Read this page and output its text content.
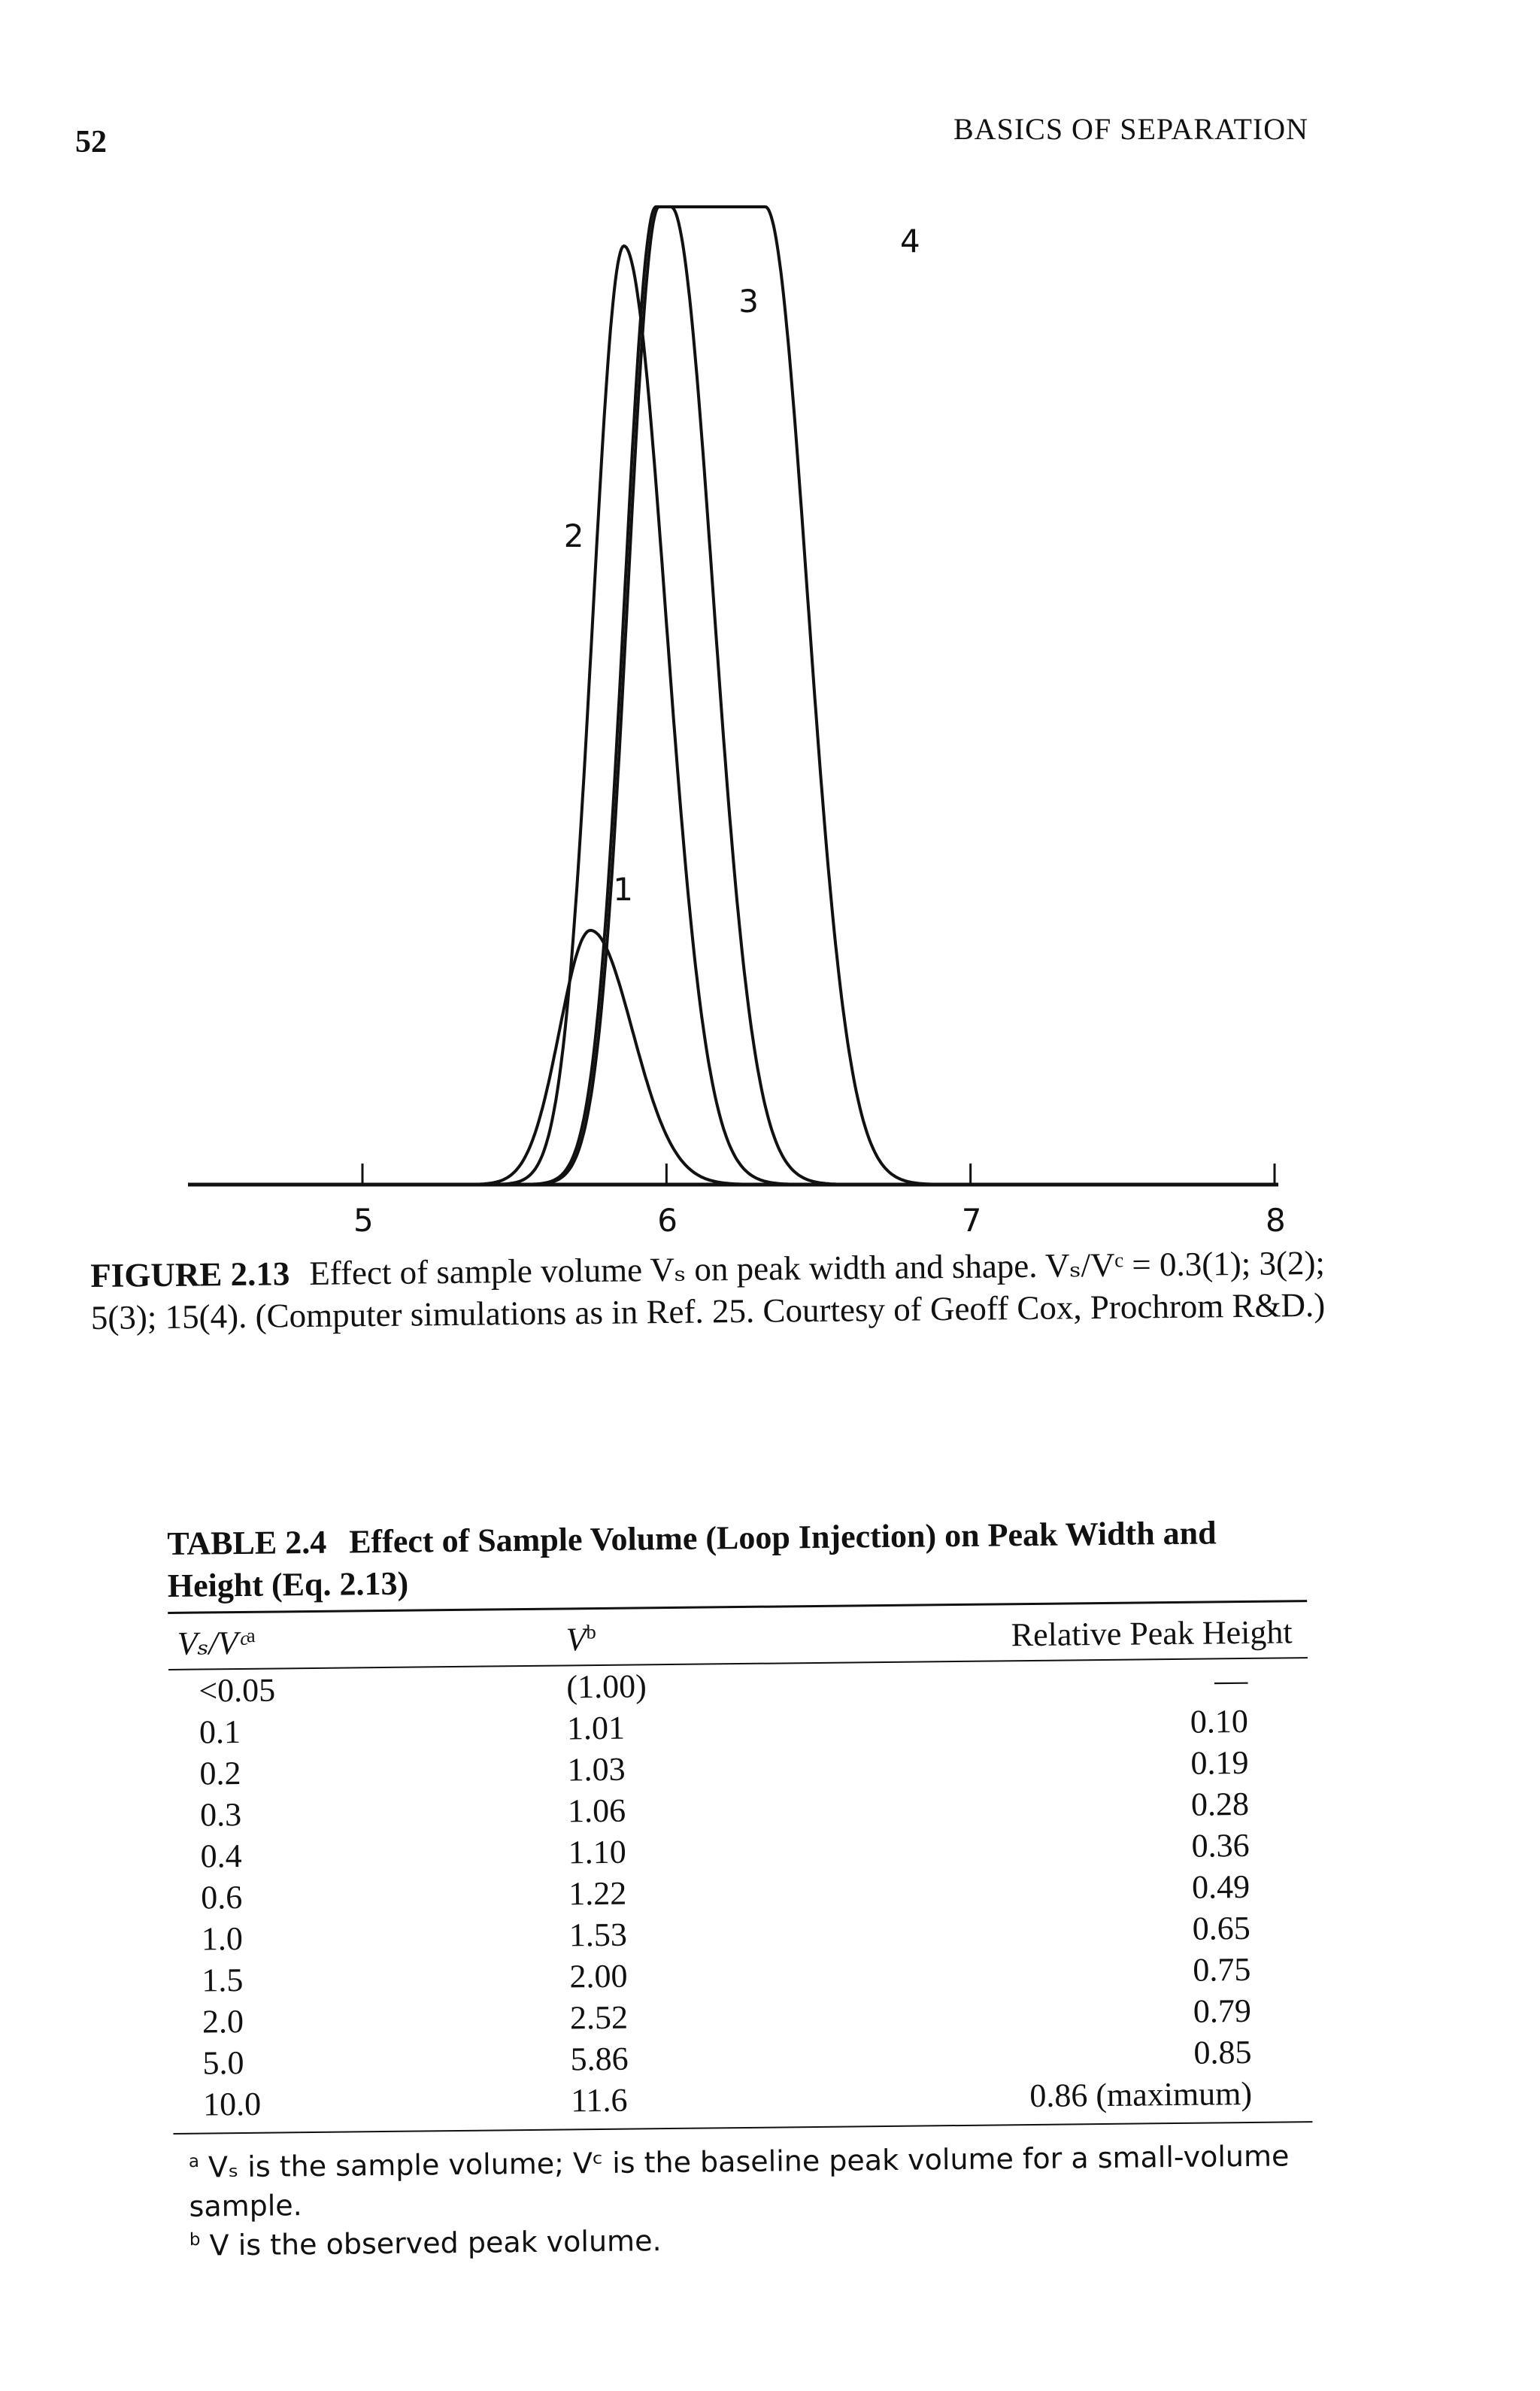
52	BASICS OF SEPARATION
5	6	7	8
1
2
3
4
FIGURE 2.13 Effect of sample volume Vₛ on peak width and shape. Vₛ/Vᶜ = 0.3(1); 3(2); 5(3); 15(4). (Computer simulations as in Ref. 25. Courtesy of Geoff Cox, Prochrom R&D.)
TABLE 2.4 Effect of Sample Volume (Loop Injection) on Peak Width and Height (Eq. 2.13)
Vₛ/Vᶜ$^a$	$V^b$	Relative Peak Height

<0.05	(1.00)	—
0.1	1.01	0.10
0.2	1.03	0.19
0.3	1.06	0.28
0.4	1.10	0.36
0.6	1.22	0.49
1.0	1.53	0.65
1.5	2.00	0.75
2.0	2.52	0.79
5.0	5.86	0.85
10.0	11.6	0.86 (maximum)
$^a$ Vₛ is the sample volume; Vᶜ is the baseline peak volume for a small-volume sample.
$^b$ V is the observed peak volume.
